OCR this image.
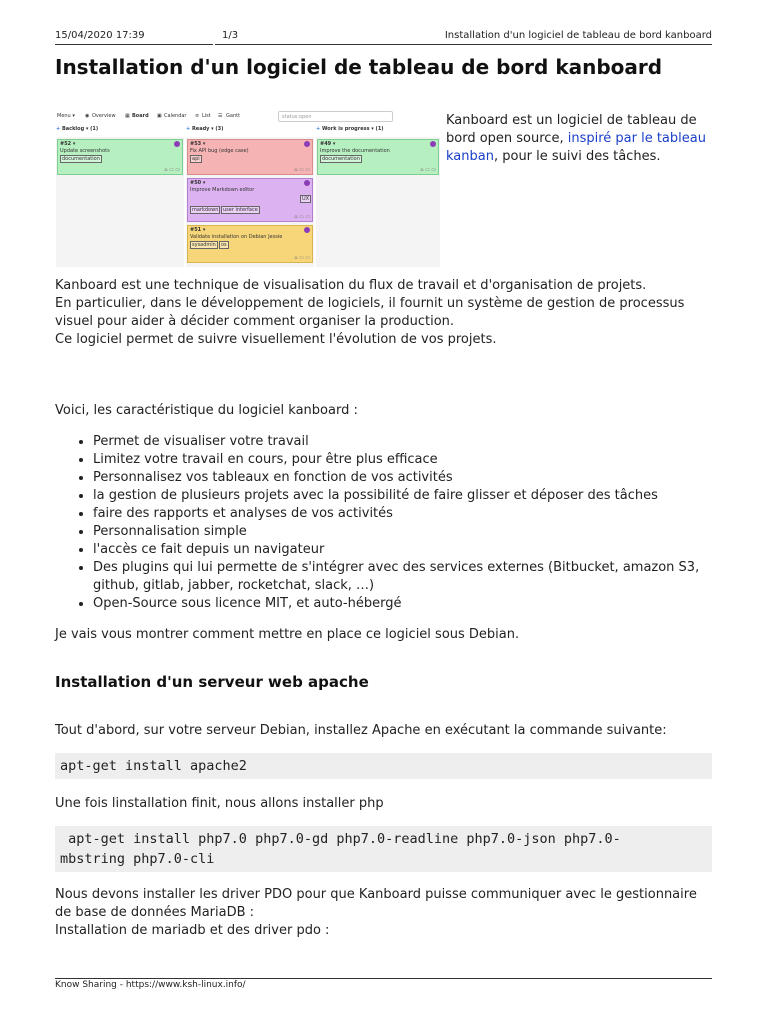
15/04/2020 17:39	1/3	Installation d'un logiciel de tableau de bord kanboard
Installation d'un logiciel de tableau de bord kanboard
Menu ▾ ◉ Overview ▦ Board ▣ Calendar ≡ List ☰ Gantt	status:open
+ Backlog ▾ (1)
#52 ▾
Update screenshots
documentation
⌂ ▭ ▭
+ Ready ▾ (3)
#53 ▾
Fix API bug (edge case)
api
⌂ ▭ ▭
#50 ▾
Improve Markdown editor
UX
markdown user interface
⌂ ▭ ▭
#51 ▾
Validate installation on Debian Jessie
sysadmin	os
⌂ ▭ ▭
+ Work is progress ▾ (1)
#49 ▾
Improve the documentation
documentation
⌂ ▭ ▭
Kanboard est un logiciel de tableau de bord open source, inspiré par le tableau kanban, pour le suivi des tâches.
Kanboard est une technique de visualisation du flux de travail et d'organisation de projets.
En particulier, dans le développement de logiciels, il fournit un système de gestion de processus visuel pour aider à décider comment organiser la production.
Ce logiciel permet de suivre visuellement l'évolution de vos projets.
Voici, les caractéristique du logiciel kanboard :
• Permet de visualiser votre travail
• Limitez votre travail en cours, pour être plus efficace
• Personnalisez vos tableaux en fonction de vos activités
• la gestion de plusieurs projets avec la possibilité de faire glisser et déposer des tâches
• faire des rapports et analyses de vos activités
• Personnalisation simple
• l'accès ce fait depuis un navigateur
• Des plugins qui lui permette de s'intégrer avec des services externes (Bitbucket, amazon S3, github, gitlab, jabber, rocketchat, slack, …)
• Open-Source sous licence MIT, et auto-hébergé
Je vais vous montrer comment mettre en place ce logiciel sous Debian.
Installation d'un serveur web apache
Tout d'abord, sur votre serveur Debian, installez Apache en exécutant la commande suivante:
apt-get install apache2
Une fois linstallation finit, nous allons installer php
apt-get install php7.0 php7.0-gd php7.0-readline php7.0-json php7.0-
mbstring php7.0-cli
Nous devons installer les driver PDO pour que Kanboard puisse communiquer avec le gestionnaire de base de données MariaDB :
Installation de mariadb et des driver pdo :
Know Sharing - https://www.ksh-linux.info/
